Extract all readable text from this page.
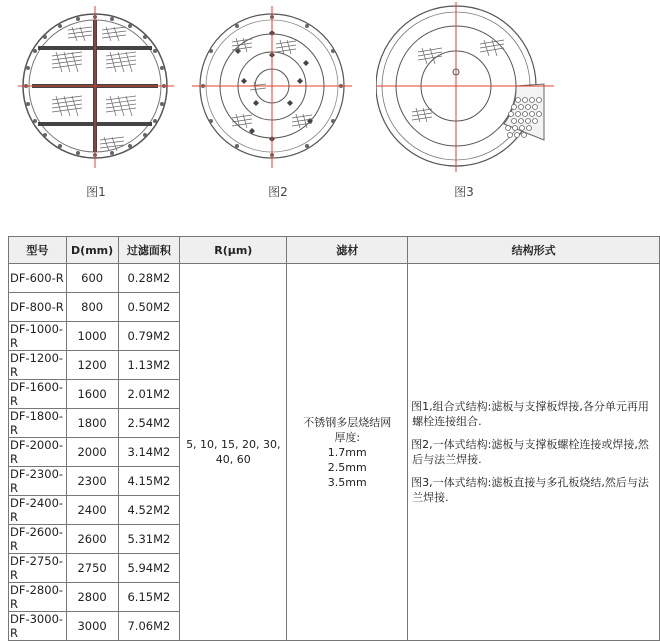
图1	图2	图3
型号	D(mm)	过滤面积	R(μm)	滤材	结构形式
DF-600-R	600	0.28M2	5, 10, 15, 20, 30, 40, 60	不锈钢多层烧结网
厚度:
1.7mm
2.5mm
3.5mm	图1,组合式结构:滤板与支撑板焊接,各分单元再用螺栓连接组合.
图2,一体式结构:滤板与支撑板螺栓连接或焊接,然后与法兰焊接.
图3,一体式结构:滤板直接与多孔板烧结,然后与法兰焊接.

DF-800-R	800	0.50M2			
DF-1000-R	1000	0.79M2			
DF-1200-R	1200	1.13M2			
DF-1600-R	1600	2.01M2			
DF-1800-R	1800	2.54M2			
DF-2000-R	2000	3.14M2			
DF-2300-R	2300	4.15M2			
DF-2400-R	2400	4.52M2			
DF-2600-R	2600	5.31M2			
DF-2750-R	2750	5.94M2			
DF-2800-R	2800	6.15M2			
DF-3000-R	3000	7.06M2			
